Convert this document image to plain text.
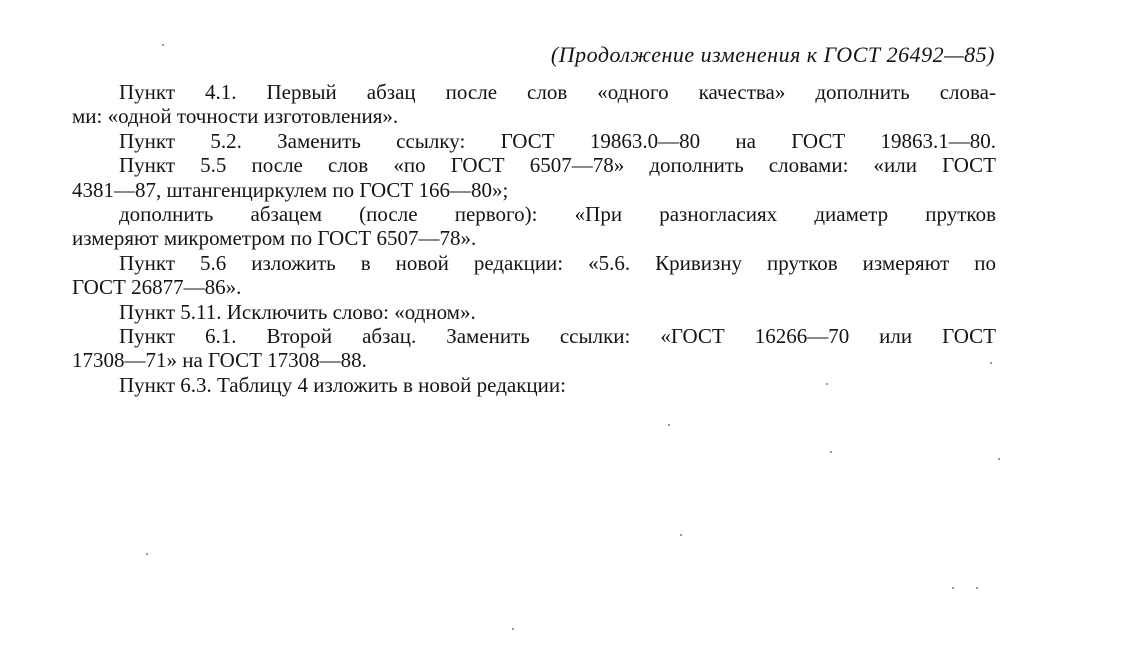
(Продолжение изменения к ГОСТ 26492—85)
Пункт 4.1. Первый абзац после слов «одного качества» дополнить слова-
ми: «одной точности изготовления».
Пункт 5.2. Заменить ссылку: ГОСТ 19863.0—80 на ГОСТ 19863.1—80.
Пункт 5.5 после слов «по ГОСТ 6507—78» дополнить словами: «или ГОСТ
4381—87, штангенциркулем по ГОСТ 166—80»;
дополнить абзацем (после первого): «При разногласиях диаметр прутков
измеряют микрометром по ГОСТ 6507—78».
Пункт 5.6 изложить в новой редакции: «5.6. Кривизну прутков измеряют по
ГОСТ 26877—86».
Пункт 5.11. Исключить слово: «одном».
Пункт 6.1. Второй абзац. Заменить ссылки: «ГОСТ 16266—70 или ГОСТ
17308—71» на ГОСТ 17308—88.
Пункт 6.3. Таблицу 4 изложить в новой редакции:
